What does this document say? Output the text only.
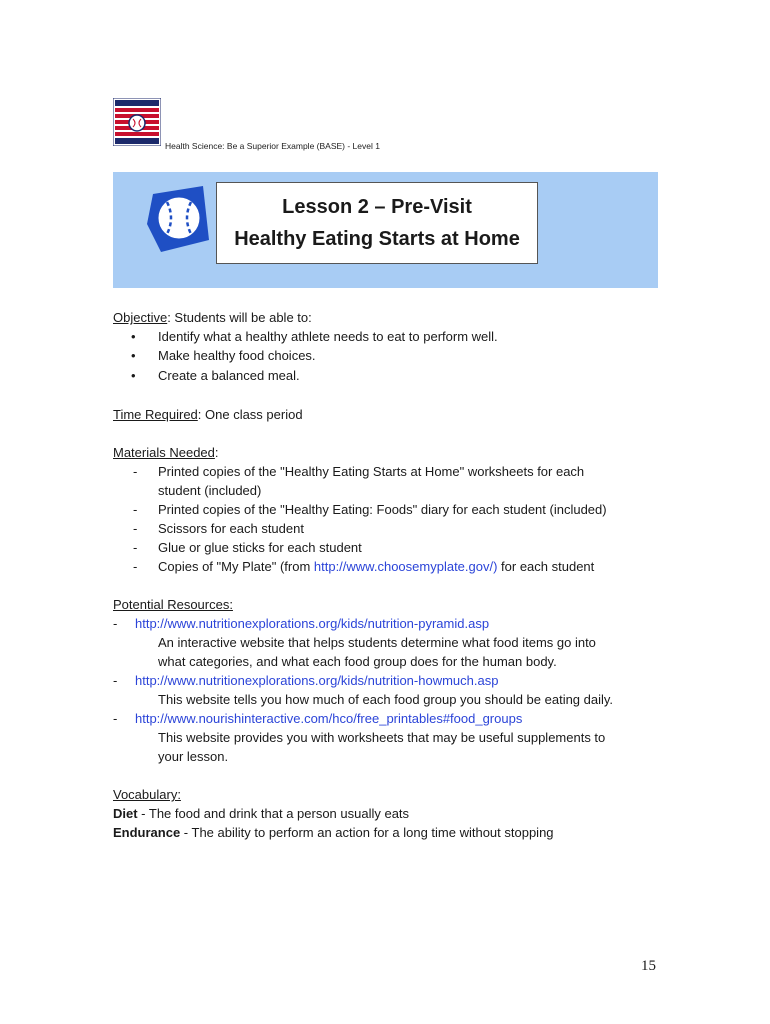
Health Science: Be a Superior Example (BASE) - Level 1
Lesson 2 – Pre-Visit
Healthy Eating Starts at Home
Objective: Students will be able to:
• Identify what a healthy athlete needs to eat to perform well.
• Make healthy food choices.
• Create a balanced meal.
Time Required: One class period
Materials Needed:
- Printed copies of the "Healthy Eating Starts at Home" worksheets for each
student (included)
- Printed copies of the "Healthy Eating: Foods" diary for each student (included)
- Scissors for each student
- Glue or glue sticks for each student
- Copies of "My Plate" (from http://www.choosemyplate.gov/) for each student
Potential Resources:
- http://www.nutritionexplorations.org/kids/nutrition-pyramid.asp
An interactive website that helps students determine what food items go into
what categories, and what each food group does for the human body.
- http://www.nutritionexplorations.org/kids/nutrition-howmuch.asp
This website tells you how much of each food group you should be eating daily.
- http://www.nourishinteractive.com/hco/free_printables#food_groups
This website provides you with worksheets that may be useful supplements to
your lesson.
Vocabulary:
Diet - The food and drink that a person usually eats
Endurance - The ability to perform an action for a long time without stopping
15
